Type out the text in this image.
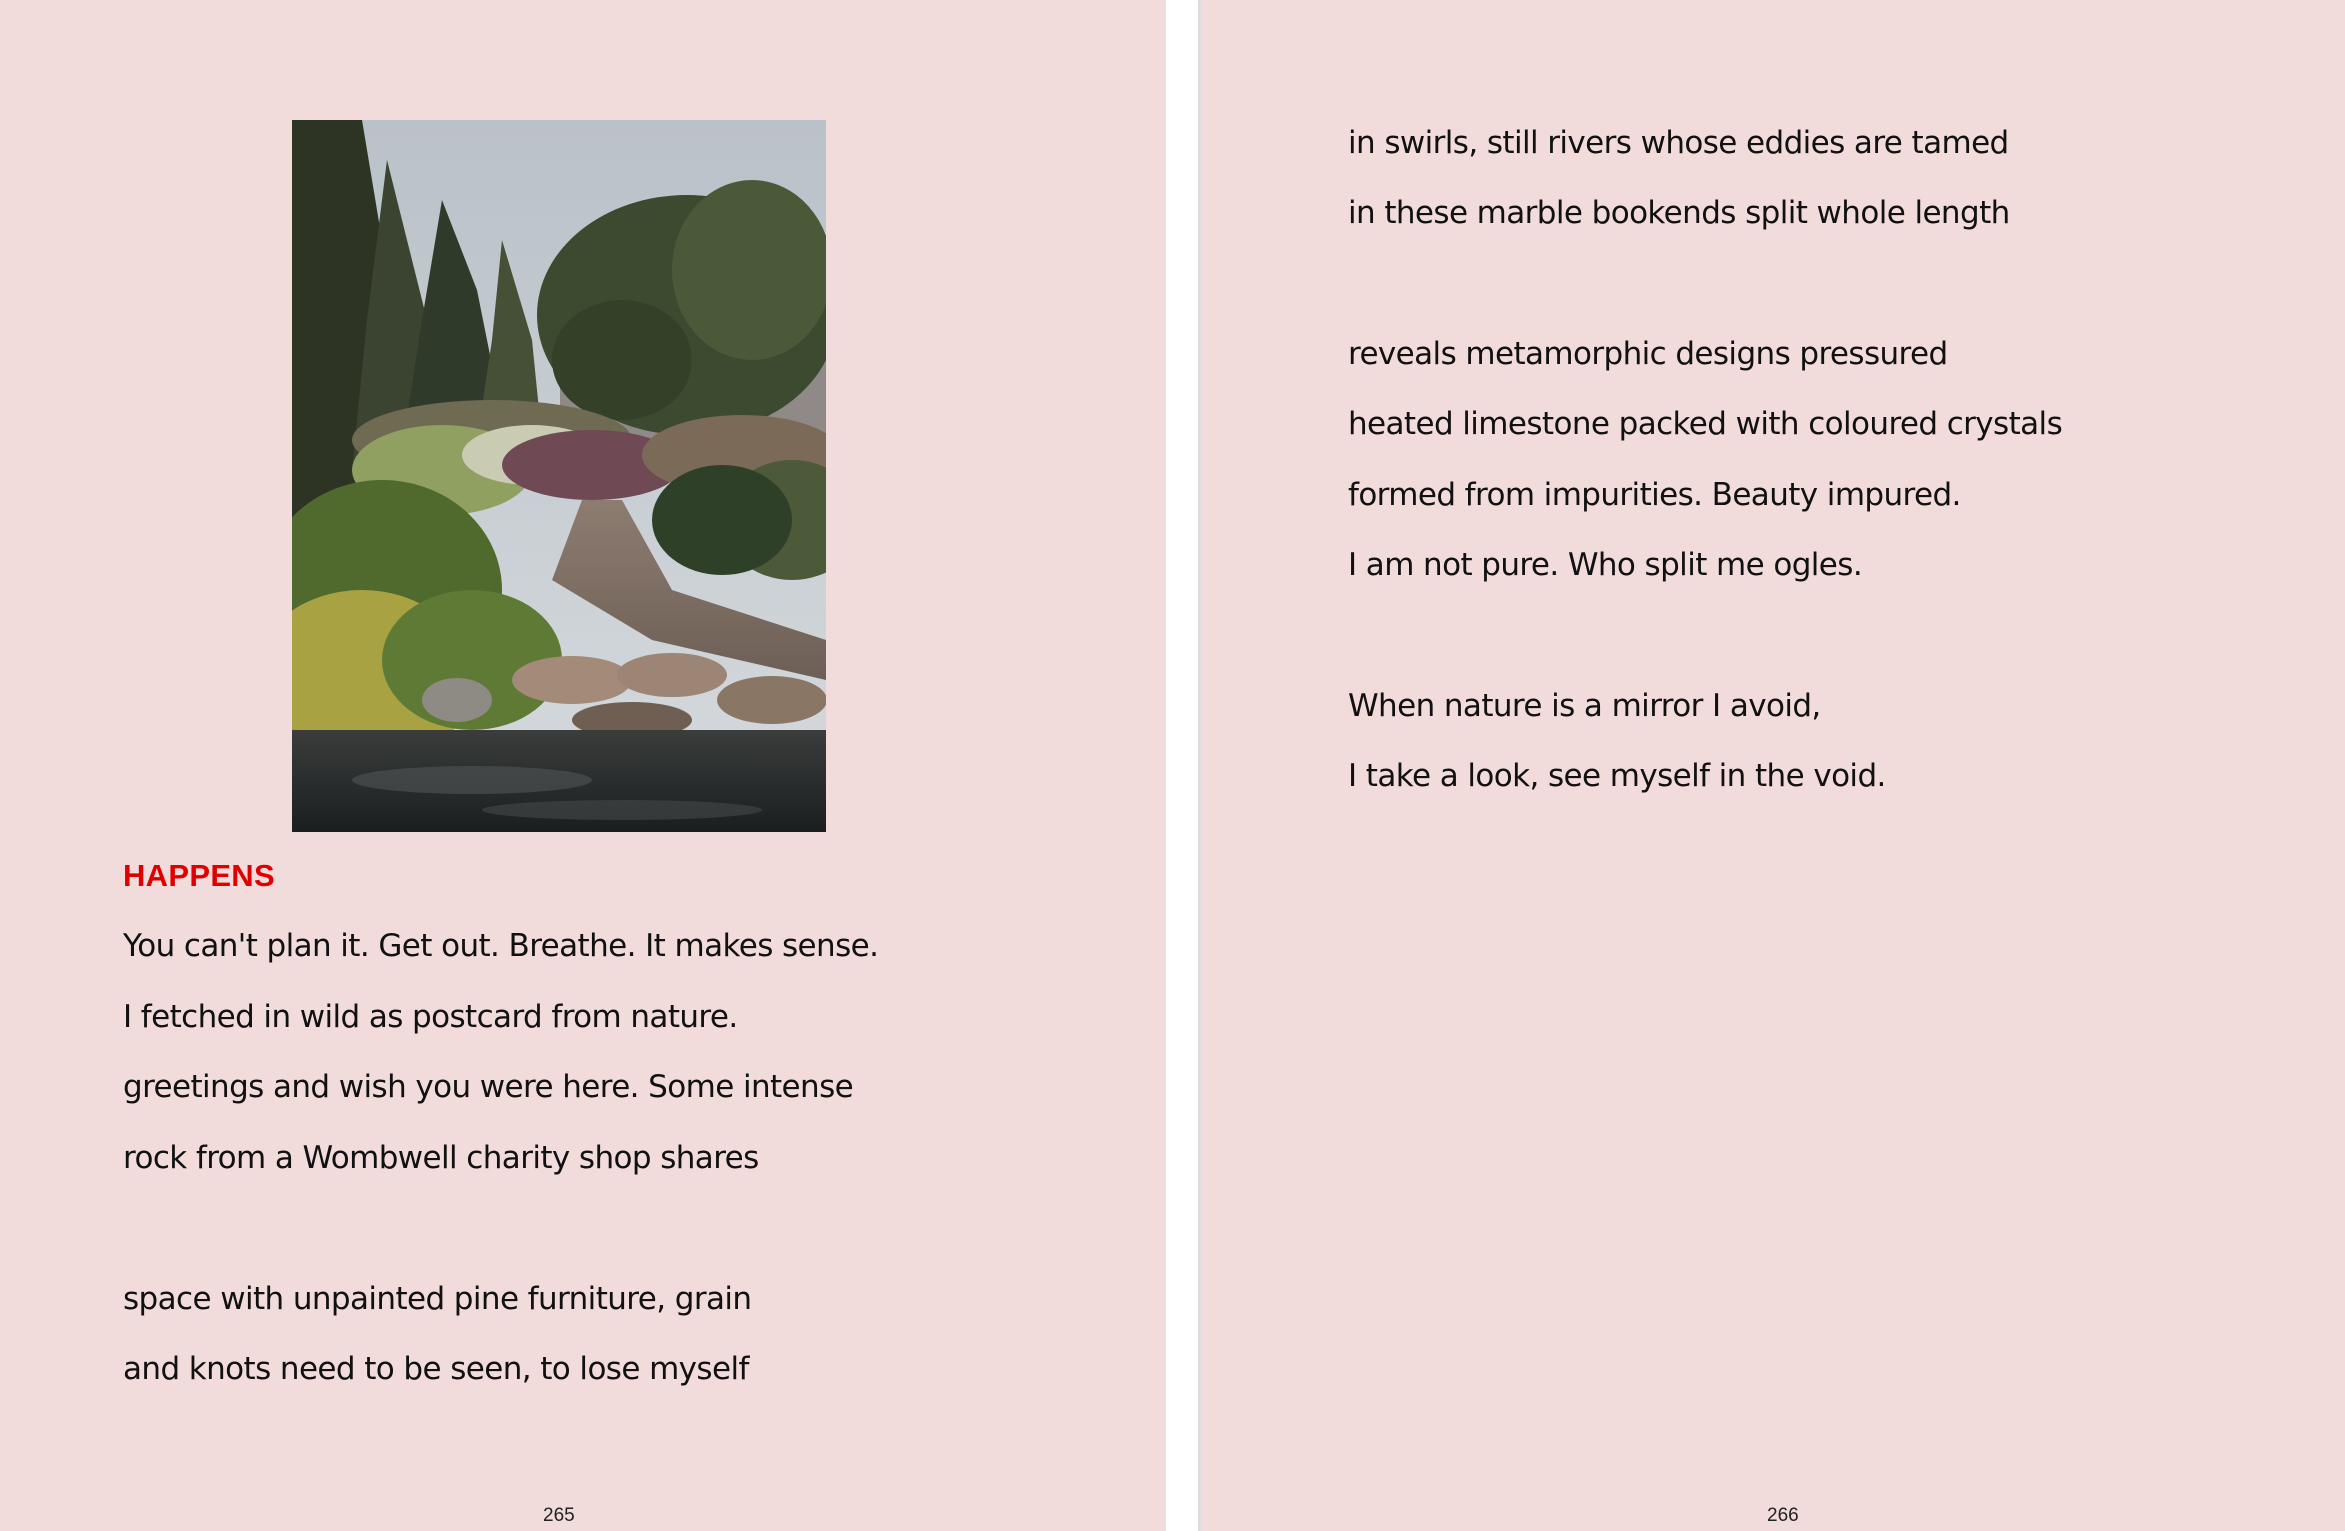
HAPPENS
You can't plan it. Get out. Breathe. It makes sense.
I fetched in wild as postcard from nature.
greetings and wish you were here. Some intense
rock from a Wombwell charity shop shares
space with unpainted pine furniture, grain
and knots need to be seen, to lose myself
in swirls, still rivers whose eddies are tamed
in these marble bookends split whole length
reveals metamorphic designs pressured
heated limestone packed with coloured crystals
formed from impurities. Beauty impured.
I am not pure. Who split me ogles.
When nature is a mirror I avoid,
I take a look, see myself in the void.
265	266
